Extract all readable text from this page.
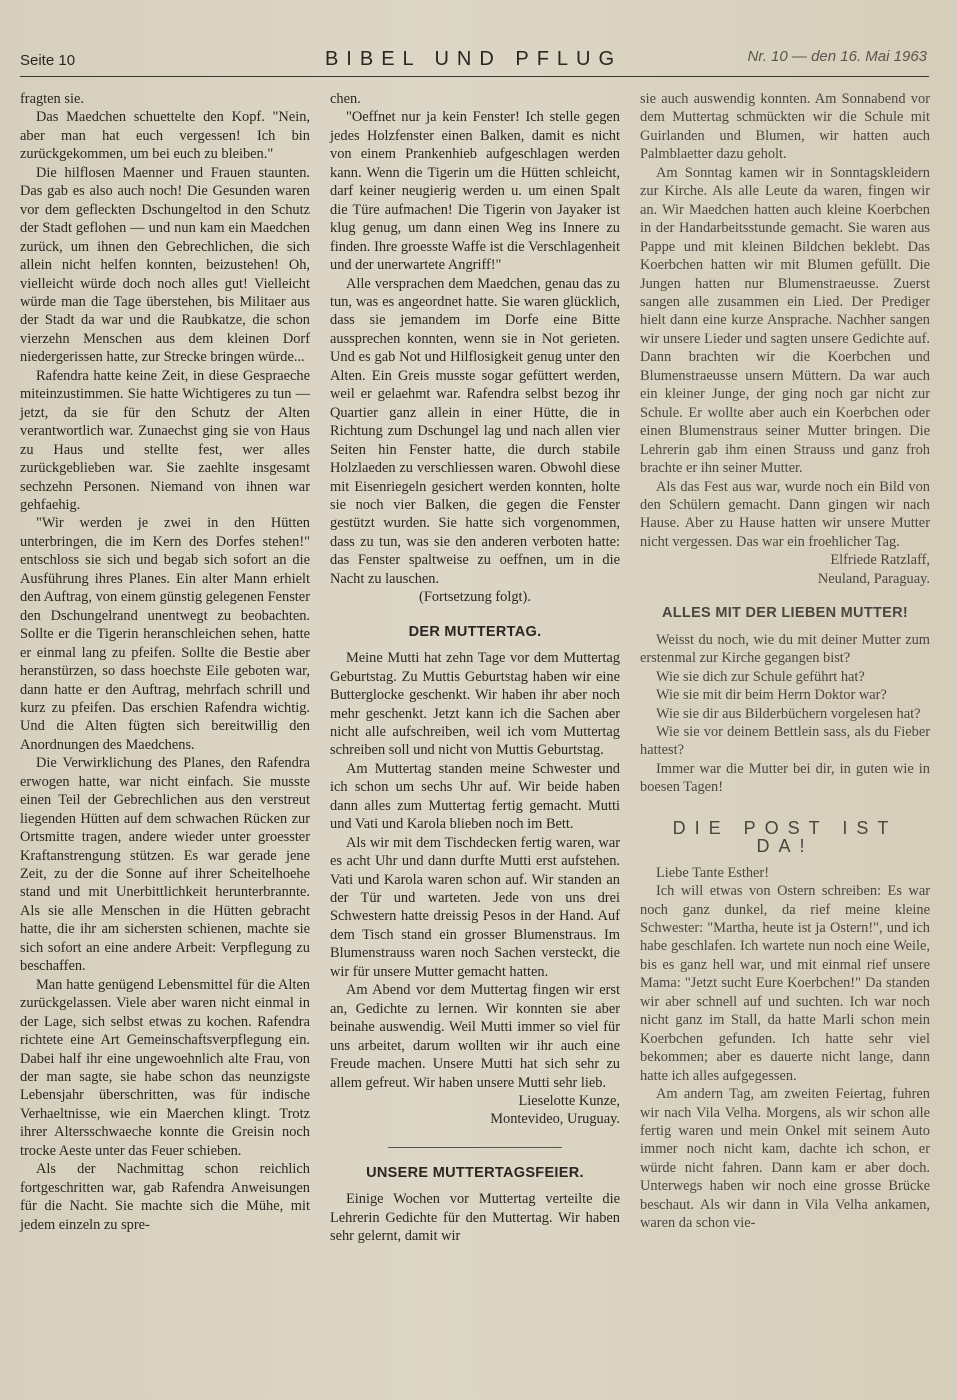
Seite 10	BIBEL UND PFLUG	Nr. 10 — den 16. Mai 1963

fragten sie.

Das Maedchen schuettelte den Kopf. "Nein, aber man hat euch vergessen! Ich bin zurückgekommen, um bei euch zu bleiben."

Die hilflosen Maenner und Frauen staunten. Das gab es also auch noch! Die Gesunden waren vor dem gefleckten Dschungeltod in den Schutz der Stadt geflohen — und nun kam ein Maedchen zurück, um ihnen den Gebrechlichen, die sich allein nicht helfen konnten, beizustehen! Oh, vielleicht würde doch noch alles gut! Vielleicht würde man die Tage überstehen, bis Militaer aus der Stadt da war und die Raubkatze, die schon vierzehn Menschen aus dem kleinen Dorf niedergerissen hatte, zur Strecke bringen würde...

Rafendra hatte keine Zeit, in diese Gespraeche miteinzustimmen. Sie hatte Wichtigeres zu tun — jetzt, da sie für den Schutz der Alten verantwortlich war. Zunaechst ging sie von Haus zu Haus und stellte fest, wer alles zurückgeblieben war. Sie zaehlte insgesamt sechzehn Personen. Niemand von ihnen war gehfaehig.

"Wir werden je zwei in den Hütten unterbringen, die im Kern des Dorfes stehen!" entschloss sie sich und begab sich sofort an die Ausführung ihres Planes. Ein alter Mann erhielt den Auftrag, von einem günstig gelegenen Fenster den Dschungelrand unentwegt zu beobachten. Sollte er die Tigerin heranschleichen sehen, hatte er einmal lang zu pfeifen. Sollte die Bestie aber heranstürzen, so dass hoechste Eile geboten war, dann hatte er den Auftrag, mehrfach schrill und kurz zu pfeifen. Das erschien Rafendra wichtig. Und die Alten fügten sich bereitwillig den Anordnungen des Maedchens.

Die Verwirklichung des Planes, den Rafendra erwogen hatte, war nicht einfach. Sie musste einen Teil der Gebrechlichen aus den verstreut liegenden Hütten auf dem schwachen Rücken zur Ortsmitte tragen, andere wieder unter groesster Kraftanstrengung stützen. Es war gerade jene Zeit, zu der die Sonne auf ihrer Scheitelhoehe stand und mit Unerbittlichkeit herunterbrannte. Als sie alle Menschen in die Hütten gebracht hatte, die ihr am sichersten schienen, machte sie sich sofort an eine andere Arbeit: Verpflegung zu beschaffen.

Man hatte genügend Lebensmittel für die Alten zurückgelassen. Viele aber waren nicht einmal in der Lage, sich selbst etwas zu kochen. Rafendra richtete eine Art Gemeinschaftsverpflegung ein. Dabei half ihr eine ungewoehnlich alte Frau, von der man sagte, sie habe schon das neunzigste Lebensjahr überschritten, was für indische Verhaeltnisse, wie ein Maerchen klingt. Trotz ihrer Altersschwaeche konnte die Greisin noch trocke Aeste unter das Feuer schieben.

Als der Nachmittag schon reichlich fortgeschritten war, gab Rafendra Anweisungen für die Nacht. Sie machte sich die Mühe, mit jedem einzeln zu spre-

chen.

"Oeffnet nur ja kein Fenster! Ich stelle gegen jedes Holzfenster einen Balken, damit es nicht von einem Prankenhieb aufgeschlagen werden kann. Wenn die Tigerin um die Hütten schleicht, darf keiner neugierig werden u. um einen Spalt die Türe aufmachen! Die Tigerin von Jayaker ist klug genug, um dann einen Weg ins Innere zu finden. Ihre groesste Waffe ist die Verschlagenheit und der unerwartete Angriff!"

Alle versprachen dem Maedchen, genau das zu tun, was es angeordnet hatte. Sie waren glücklich, dass sie jemandem im Dorfe eine Bitte aussprechen konnten, wenn sie in Not gerieten. Und es gab Not und Hilflosigkeit genug unter den Alten. Ein Greis musste sogar gefüttert werden, weil er gelaehmt war. Rafendra selbst bezog ihr Quartier ganz allein in einer Hütte, die in Richtung zum Dschungel lag und nach allen vier Seiten hin Fenster hatte, die durch stabile Holzlaeden zu verschliessen waren. Obwohl diese mit Eisenriegeln gesichert werden konnten, holte sie noch vier Balken, die gegen die Fenster gestützt wurden. Sie hatte sich vorgenommen, dass zu tun, was sie den anderen verboten hatte: das Fenster spaltweise zu oeffnen, um in die Nacht zu lauschen.

(Fortsetzung folgt).

DER MUTTERTAG.

Meine Mutti hat zehn Tage vor dem Muttertag Geburtstag. Zu Muttis Geburtstag haben wir eine Butterglocke geschenkt. Wir haben ihr aber noch mehr geschenkt. Jetzt kann ich die Sachen aber nicht alle aufschreiben, weil ich vom Muttertag schreiben soll und nicht von Muttis Geburtstag.

Am Muttertag standen meine Schwester und ich schon um sechs Uhr auf. Wir beide haben dann alles zum Muttertag fertig gemacht. Mutti und Vati und Karola blieben noch im Bett.

Als wir mit dem Tischdecken fertig waren, war es acht Uhr und dann durfte Mutti erst aufstehen. Vati und Karola waren schon auf. Wir standen an der Tür und warteten. Jede von uns drei Schwestern hatte dreissig Pesos in der Hand. Auf dem Tisch stand ein grosser Blumenstraus. Im Blumenstrauss waren noch Sachen versteckt, die wir für unsere Mutter gemacht hatten.

Am Abend vor dem Muttertag fingen wir erst an, Gedichte zu lernen. Wir konnten sie aber beinahe auswendig. Weil Mutti immer so viel für uns arbeitet, darum wollten wir ihr auch eine Freude machen. Unsere Mutti hat sich sehr zu allem gefreut. Wir haben unsere Mutti sehr lieb.

Lieselotte Kunze,

Montevideo, Uruguay.

UNSERE MUTTERTAGSFEIER.

Einige Wochen vor Muttertag verteilte die Lehrerin Gedichte für den Muttertag. Wir haben sehr gelernt, damit wir

sie auch auswendig konnten. Am Sonnabend vor dem Muttertag schmückten wir die Schule mit Guirlanden und Blumen, wir hatten auch Palmblaetter dazu geholt.

Am Sonntag kamen wir in Sonntagskleidern zur Kirche. Als alle Leute da waren, fingen wir an. Wir Maedchen hatten auch kleine Koerbchen in der Handarbeitsstunde gemacht. Sie waren aus Pappe und mit kleinen Bildchen beklebt. Das Koerbchen hatten wir mit Blumen gefüllt. Die Jungen hatten nur Blumenstraeusse. Zuerst sangen alle zusammen ein Lied. Der Prediger hielt dann eine kurze Ansprache. Nachher sangen wir unsere Lieder und sagten unsere Gedichte auf. Dann brachten wir die Koerbchen und Blumenstraeusse unsern Müttern. Da war auch ein kleiner Junge, der ging noch gar nicht zur Schule. Er wollte aber auch ein Koerbchen oder einen Blumenstraus seiner Mutter bringen. Die Lehrerin gab ihm einen Strauss und ganz froh brachte er ihn seiner Mutter.

Als das Fest aus war, wurde noch ein Bild von den Schülern gemacht. Dann gingen wir nach Hause. Aber zu Hause hatten wir unsere Mutter nicht vergessen. Das war ein froehlicher Tag.

Elfriede Ratzlaff,

Neuland, Paraguay.

ALLES MIT DER LIEBEN MUTTER!

Weisst du noch, wie du mit deiner Mutter zum erstenmal zur Kirche gegangen bist?

Wie sie dich zur Schule geführt hat?

Wie sie mit dir beim Herrn Doktor war?

Wie sie dir aus Bilderbüchern vorgelesen hat?

Wie sie vor deinem Bettlein sass, als du Fieber hattest?

Immer war die Mutter bei dir, in guten wie in boesen Tagen!

DIE POST IST DA!

Liebe Tante Esther!

Ich will etwas von Ostern schreiben: Es war noch ganz dunkel, da rief meine kleine Schwester: "Martha, heute ist ja Ostern!", und ich habe geschlafen. Ich wartete nun noch eine Weile, bis es ganz hell war, und mit einmal rief unsere Mama: "Jetzt sucht Eure Koerbchen!" Da standen wir aber schnell auf und suchten. Ich war noch nicht ganz im Stall, da hatte Marli schon mein Koerbchen gefunden. Ich hatte sehr viel bekommen; aber es dauerte nicht lange, dann hatte ich alles aufgegessen.

Am andern Tag, am zweiten Feiertag, fuhren wir nach Vila Velha. Morgens, als wir schon alle fertig waren und mein Onkel mit seinem Auto immer noch nicht kam, dachte ich schon, er würde nicht fahren. Dann kam er aber doch. Unterwegs haben wir noch eine grosse Brücke beschaut. Als wir dann in Vila Velha ankamen, waren da schon vie-
